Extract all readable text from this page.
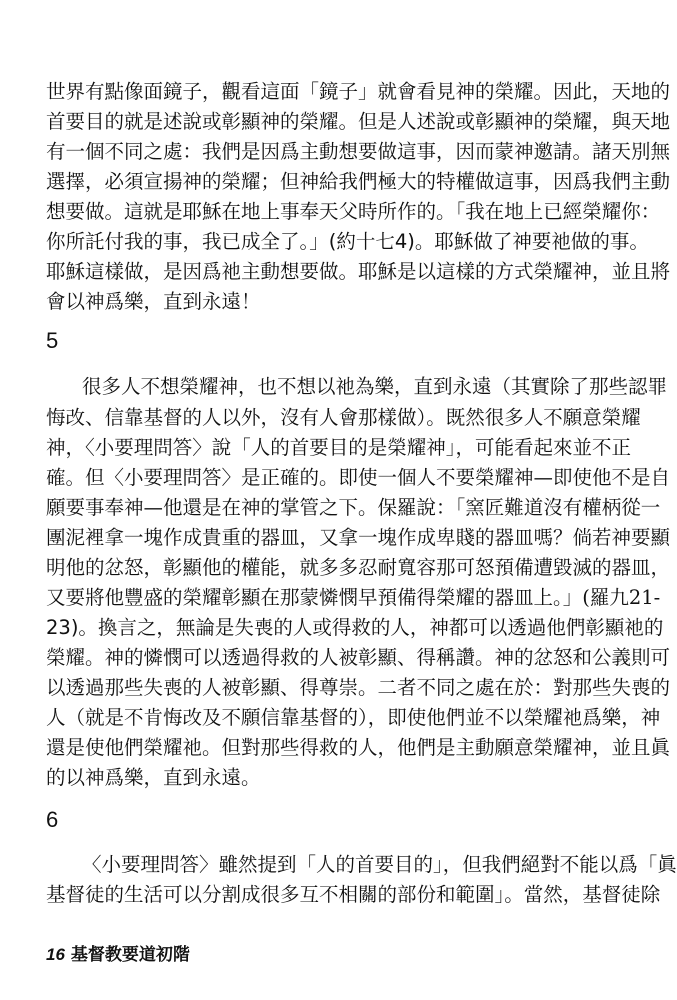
世界有點像面鏡子，觀看這面「鏡子」就會看見神的榮耀。因此，天地的
首要目的就是述說或彰顯神的榮耀。但是人述說或彰顯神的榮耀，與天地
有一個不同之處：我們是因爲主動想要做這事，因而蒙神邀請。諸天別無
選擇，必須宣揚神的榮耀；但神給我們極大的特權做這事，因爲我們主動
想要做。這就是耶穌在地上事奉天父時所作的。「我在地上已經榮耀你：
你所託付我的事，我已成全了。」(約十七4)。耶穌做了神要祂做的事。
耶穌這樣做，是因爲祂主動想要做。耶穌是以這樣的方式榮耀神，並且將
會以神爲樂，直到永遠！
5
很多人不想榮耀神，也不想以祂為樂，直到永遠（其實除了那些認罪
悔改、信靠基督的人以外，沒有人會那樣做）。既然很多人不願意榮耀
神，〈小要理問答〉說「人的首要目的是榮耀神」，可能看起來並不正
確。但〈小要理問答〉是正確的。即使一個人不要榮耀神—即使他不是自
願要事奉神—他還是在神的掌管之下。保羅說：「窯匠難道沒有權柄從一
團泥裡拿一塊作成貴重的器皿，又拿一塊作成卑賤的器皿嗎？倘若神要顯
明他的忿怒，彰顯他的權能，就多多忍耐寬容那可怒預備遭毀滅的器皿，
又要將他豐盛的榮耀彰顯在那蒙憐憫早預備得榮耀的器皿上。」(羅九21-
23)。換言之，無論是失喪的人或得救的人，神都可以透過他們彰顯祂的
榮耀。神的憐憫可以透過得救的人被彰顯、得稱讚。神的忿怒和公義則可
以透過那些失喪的人被彰顯、得尊崇。二者不同之處在於：對那些失喪的
人（就是不肯悔改及不願信靠基督的），即使他們並不以榮耀祂爲樂，神
還是使他們榮耀祂。但對那些得救的人，他們是主動願意榮耀神，並且眞
的以神爲樂，直到永遠。
6
〈小要理問答〉雖然提到「人的首要目的」，但我們絕對不能以爲「眞
基督徒的生活可以分割成很多互不相關的部份和範圍」。當然，基督徒除
16 基督教要道初階
